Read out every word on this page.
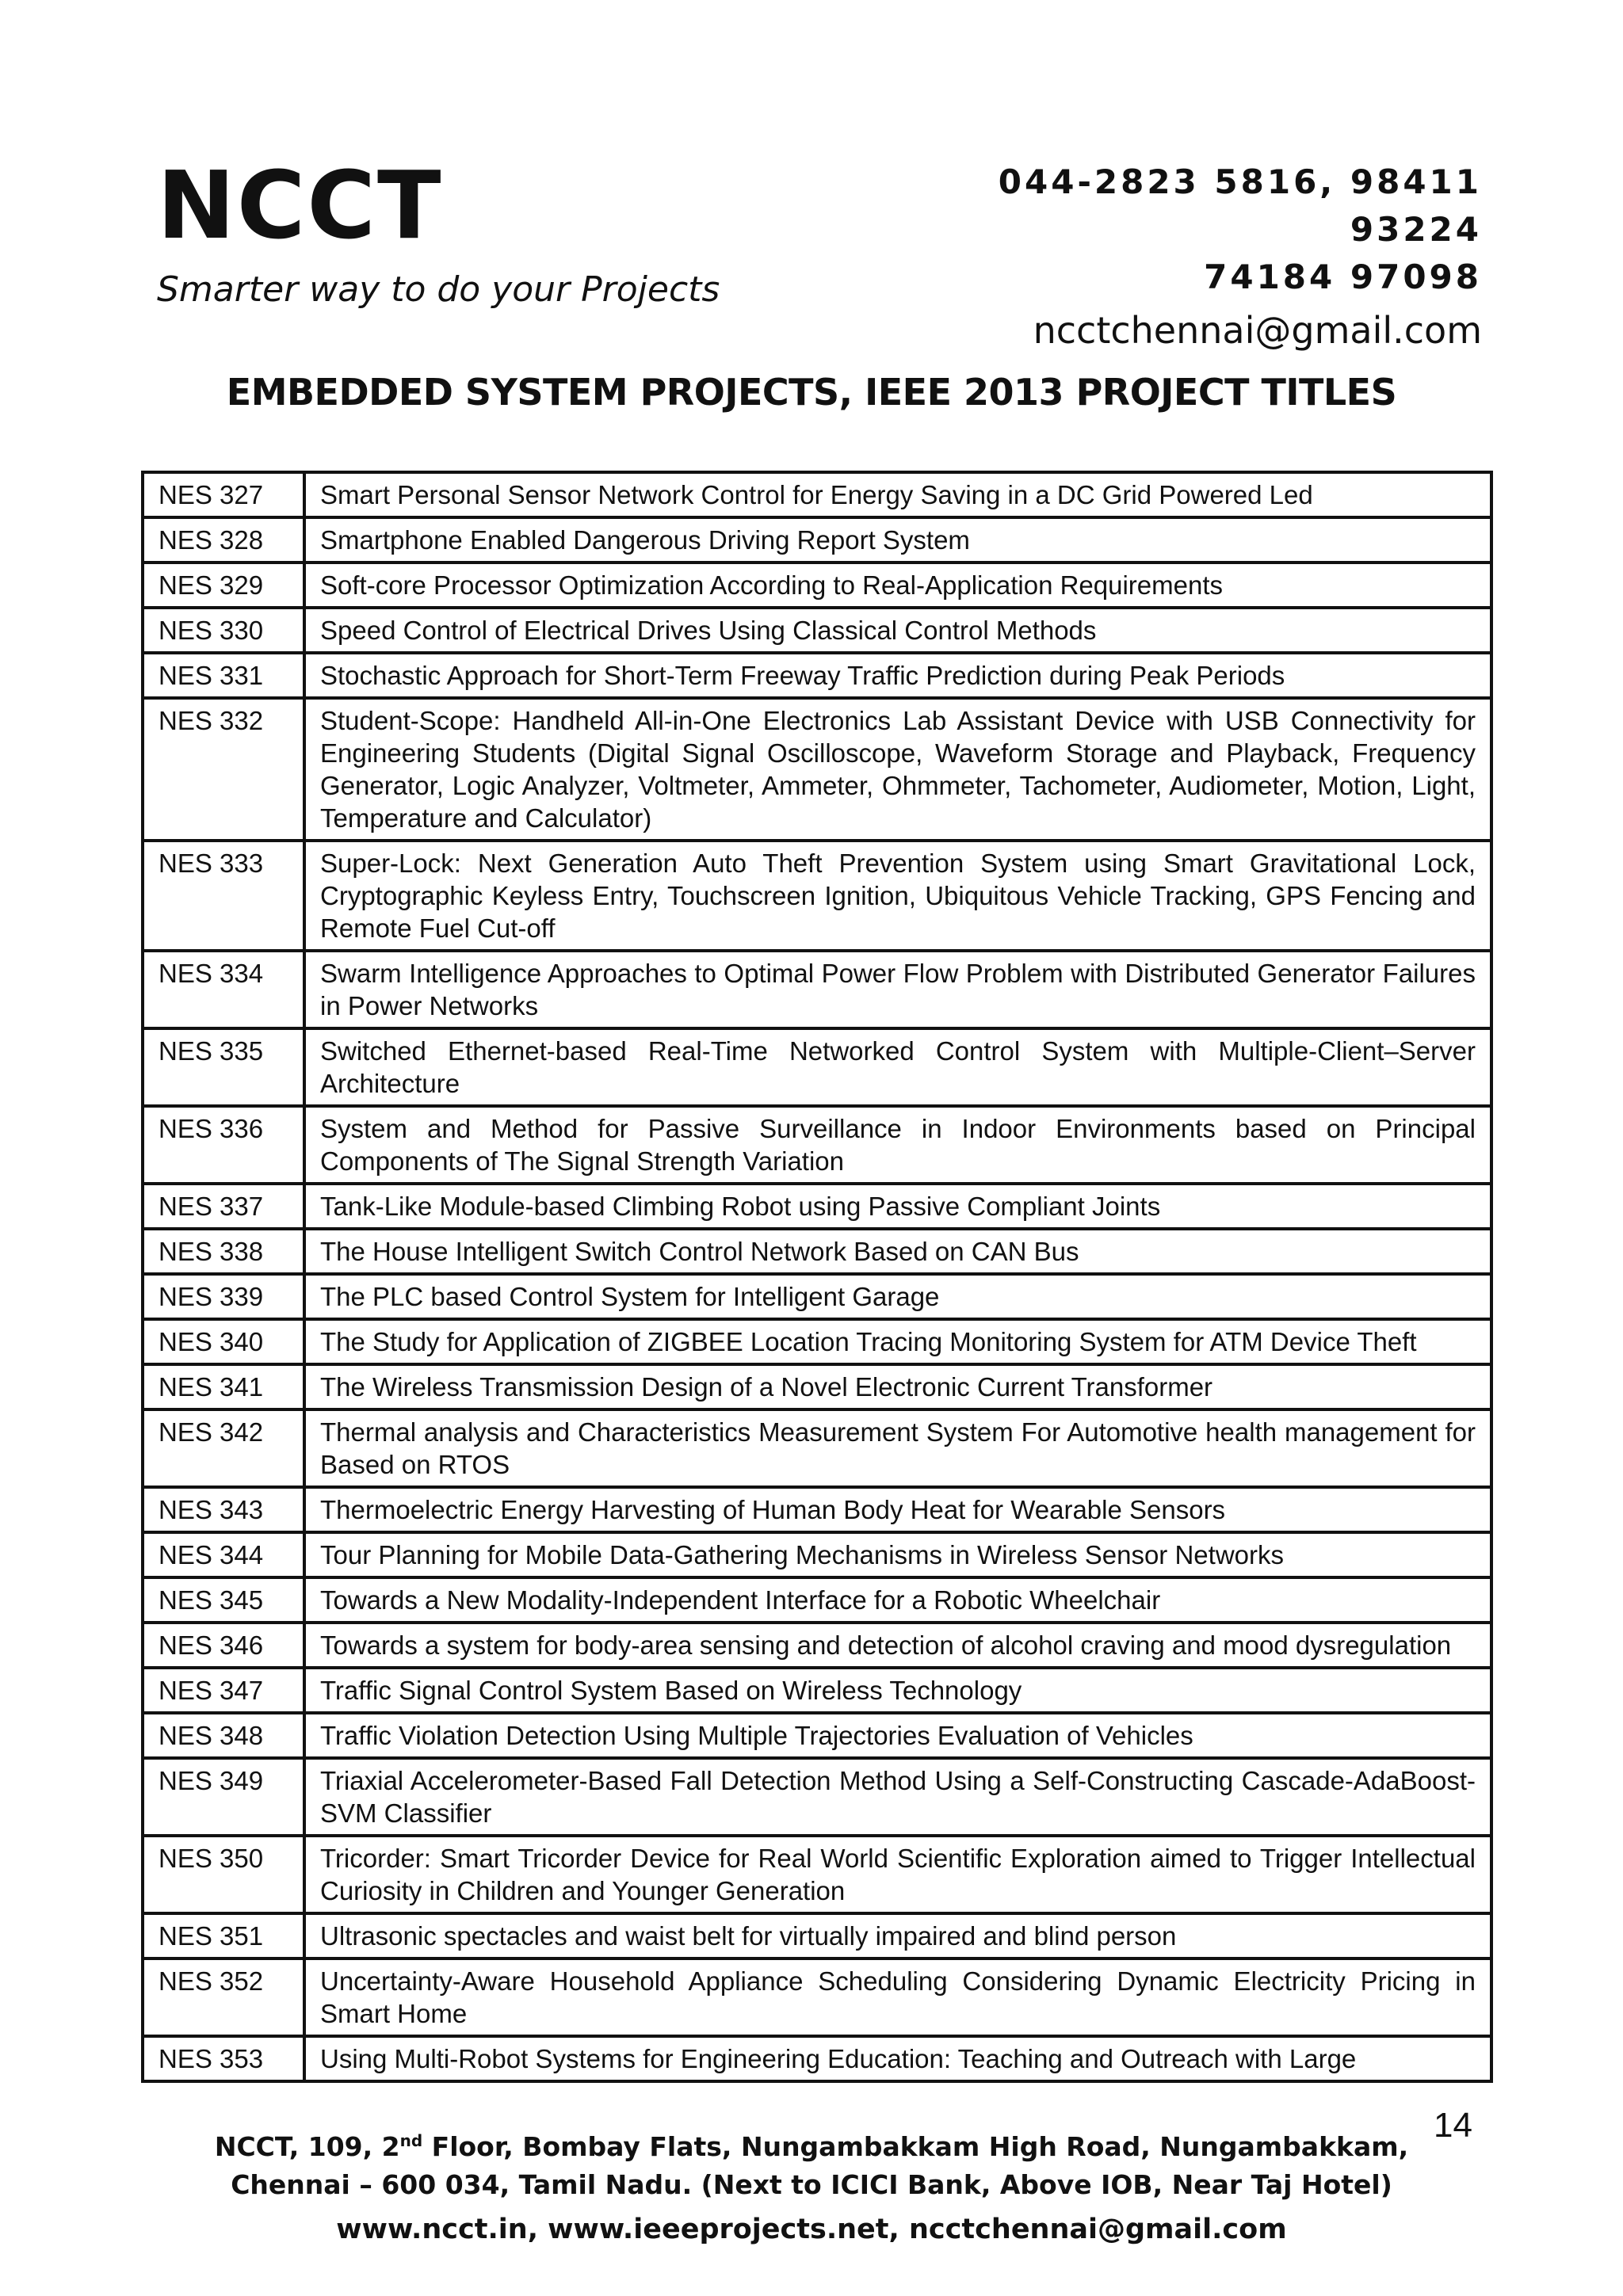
NCCT
Smarter way to do your Projects
044-2823 5816, 98411
93224
74184 97098
ncctchennai@gmail.com
EMBEDDED SYSTEM PROJECTS, IEEE 2013 PROJECT TITLES
NES 327	Smart Personal Sensor Network Control for Energy Saving in a DC Grid Powered Led
NES 328	Smartphone Enabled Dangerous Driving Report System
NES 329	Soft-core Processor Optimization According to Real-Application Requirements
NES 330	Speed Control of Electrical Drives Using Classical Control Methods
NES 331	Stochastic Approach for Short-Term Freeway Traffic Prediction during Peak Periods
NES 332	Student-Scope: Handheld All-in-One Electronics Lab Assistant Device with USB Connectivity for Engineering Students (Digital Signal Oscilloscope, Waveform Storage and Playback, Frequency Generator, Logic Analyzer, Voltmeter, Ammeter, Ohmmeter, Tachometer, Audiometer, Motion, Light, Temperature and Calculator)
NES 333	Super-Lock: Next Generation Auto Theft Prevention System using Smart Gravitational Lock, Cryptographic Keyless Entry, Touchscreen Ignition, Ubiquitous Vehicle Tracking, GPS Fencing and Remote Fuel Cut-off
NES 334	Swarm Intelligence Approaches to Optimal Power Flow Problem with Distributed Generator Failures in Power Networks
NES 335	Switched Ethernet-based Real-Time Networked Control System with Multiple-Client–Server Architecture
NES 336	System and Method for Passive Surveillance in Indoor Environments based on Principal Components of The Signal Strength Variation
NES 337	Tank-Like Module-based Climbing Robot using Passive Compliant Joints
NES 338	The House Intelligent Switch Control Network Based on CAN Bus
NES 339	The PLC based Control System for Intelligent Garage
NES 340	The Study for Application of ZIGBEE Location Tracing Monitoring System for ATM Device Theft
NES 341	The Wireless Transmission Design of a Novel Electronic Current Transformer
NES 342	Thermal analysis and Characteristics Measurement System For Automotive health management for Based on RTOS
NES 343	Thermoelectric Energy Harvesting of Human Body Heat for Wearable Sensors
NES 344	Tour Planning for Mobile Data-Gathering Mechanisms in Wireless Sensor Networks
NES 345	Towards a New Modality-Independent Interface for a Robotic Wheelchair
NES 346	Towards a system for body-area sensing and detection of alcohol craving and mood dysregulation
NES 347	Traffic Signal Control System Based on Wireless Technology
NES 348	Traffic Violation Detection Using Multiple Trajectories Evaluation of Vehicles
NES 349	Triaxial Accelerometer-Based Fall Detection Method Using a Self-Constructing Cascade-AdaBoost-SVM Classifier
NES 350	Tricorder: Smart Tricorder Device for Real World Scientific Exploration aimed to Trigger Intellectual Curiosity in Children and Younger Generation
NES 351	Ultrasonic spectacles and waist belt for virtually impaired and blind person
NES 352	Uncertainty-Aware Household Appliance Scheduling Considering Dynamic Electricity Pricing in Smart Home
NES 353	Using Multi-Robot Systems for Engineering Education: Teaching and Outreach with Large
NCCT, 109, 2nd Floor, Bombay Flats, Nungambakkam High Road, Nungambakkam,
Chennai – 600 034, Tamil Nadu. (Next to ICICI Bank, Above IOB, Near Taj Hotel)
www.ncct.in, www.ieeeprojects.net, ncctchennai@gmail.com
14
